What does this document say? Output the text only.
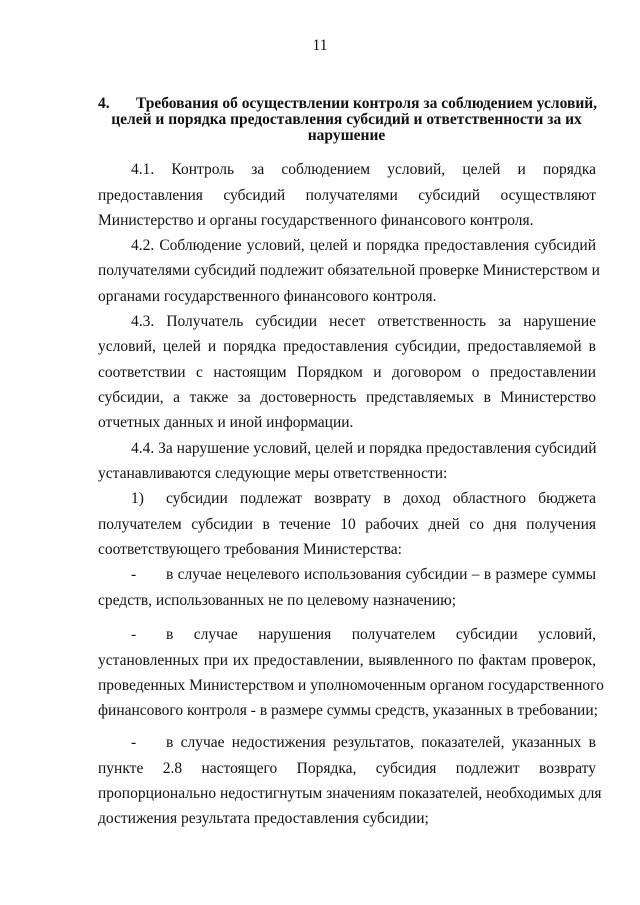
11
4. Требования об осуществлении контроля за соблюдением условий,
целей и порядка предоставления субсидий и ответственности за их
нарушение
4.1. Контроль за соблюдением условий, целей и порядка
предоставления субсидий получателями субсидий осуществляют
Министерство и органы государственного финансового контроля.
4.2. Соблюдение условий, целей и порядка предоставления субсидий
получателями субсидий подлежит обязательной проверке Министерством и
органами государственного финансового контроля.
4.3. Получатель субсидии несет ответственность за нарушение
условий, целей и порядка предоставления субсидии, предоставляемой в
соответствии с настоящим Порядком и договором о предоставлении
субсидии, а также за достоверность представляемых в Министерство
отчетных данных и иной информации.
4.4. За нарушение условий, целей и порядка предоставления субсидий
устанавливаются следующие меры ответственности:
1) субсидии подлежат возврату в доход областного бюджета
получателем субсидии в течение 10 рабочих дней со дня получения
соответствующего требования Министерства:
- в случае нецелевого использования субсидии – в размере суммы
средств, использованных не по целевому назначению;
- в случае нарушения получателем субсидии условий,
установленных при их предоставлении, выявленного по фактам проверок,
проведенных Министерством и уполномоченным органом государственного
финансового контроля - в размере суммы средств, указанных в требовании;
- в случае недостижения результатов, показателей, указанных в
пункте 2.8 настоящего Порядка, субсидия подлежит возврату
пропорционально недостигнутым значениям показателей, необходимых для
достижения результата предоставления субсидии;
